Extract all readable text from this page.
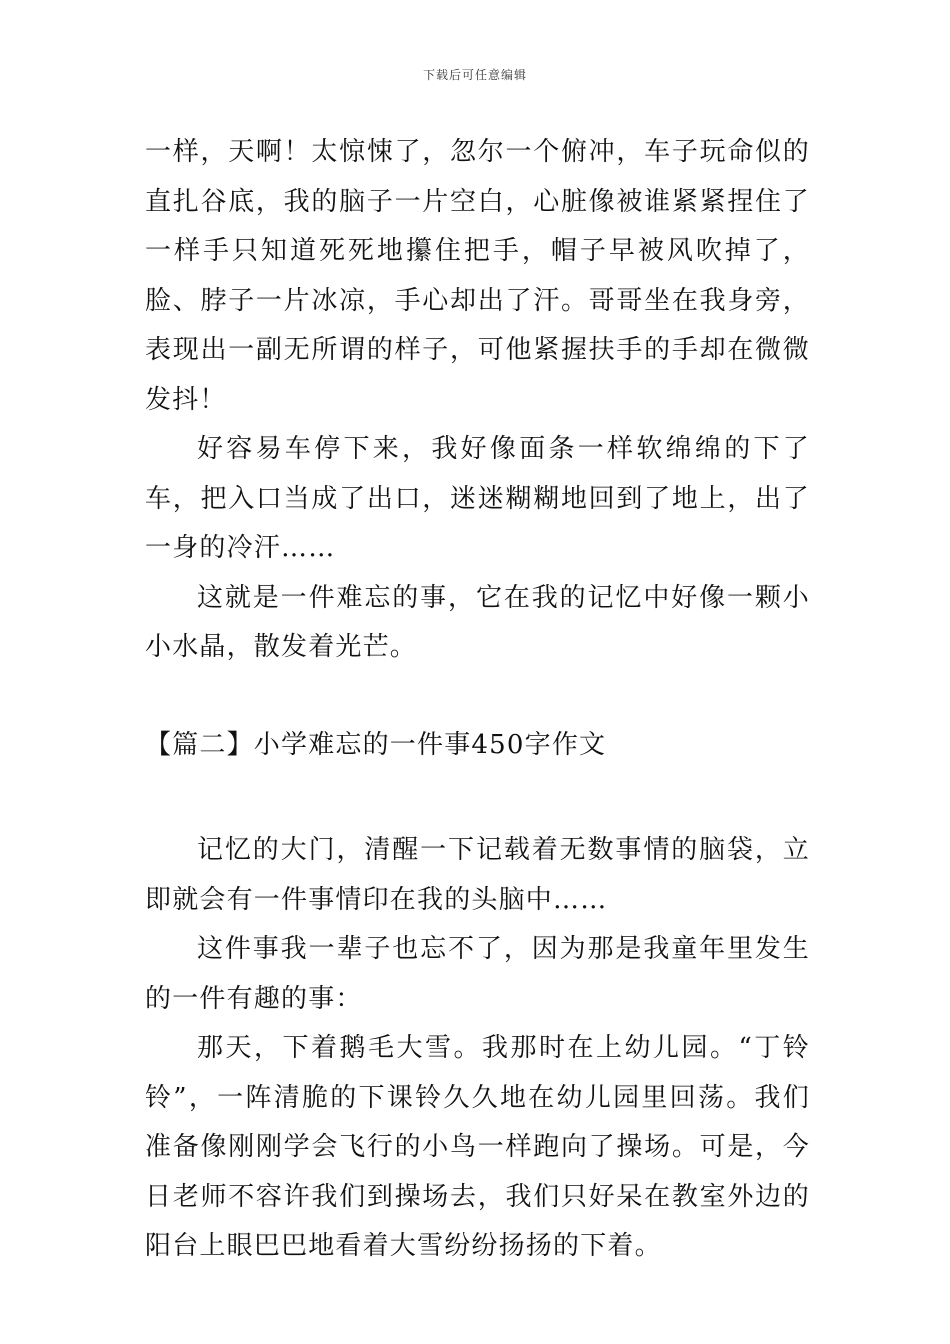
下载后可任意编辑

一样，天啊！太惊悚了，忽尔一个俯冲，车子玩命似的直扎谷底，我的脑子一片空白，心脏像被谁紧紧捏住了一样手只知道死死地攥住把手，帽子早被风吹掉了，脸、脖子一片冰凉，手心却出了汗。哥哥坐在我身旁，表现出一副无所谓的样子，可他紧握扶手的手却在微微发抖！

好容易车停下来，我好像面条一样软绵绵的下了车，把入口当成了出口，迷迷糊糊地回到了地上，出了一身的冷汗……

这就是一件难忘的事，它在我的记忆中好像一颗小小水晶，散发着光芒。

【篇二】小学难忘的一件事450字作文

记忆的大门，清醒一下记载着无数事情的脑袋，立即就会有一件事情印在我的头脑中……

这件事我一辈子也忘不了，因为那是我童年里发生的一件有趣的事：

那天，下着鹅毛大雪。我那时在上幼儿园。“丁铃铃”，一阵清脆的下课铃久久地在幼儿园里回荡。我们准备像刚刚学会飞行的小鸟一样跑向了操场。可是，今日老师不容许我们到操场去，我们只好呆在教室外边的阳台上眼巴巴地看着大雪纷纷扬扬的下着。
